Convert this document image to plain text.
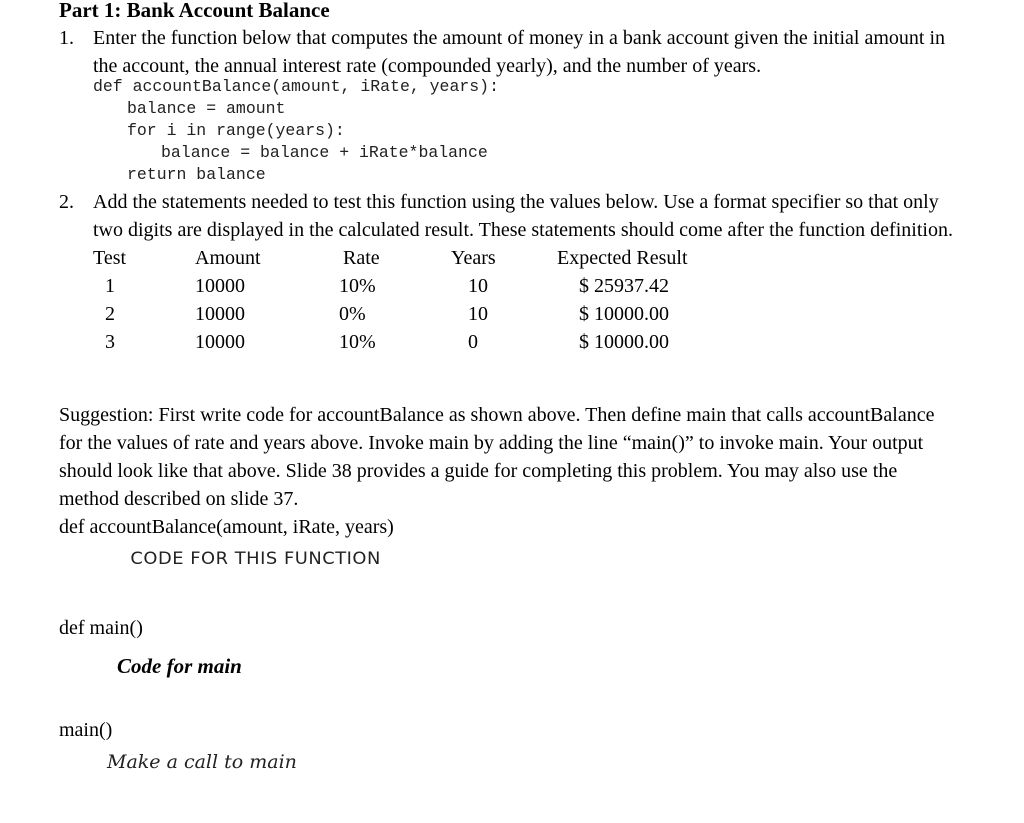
Part 1: Bank Account Balance
1. Enter the function below that computes the amount of money in a bank account given the initial amount in the account, the annual interest rate (compounded yearly), and the number of years.
def accountBalance(amount, iRate, years):
balance = amount
for i in range(years):
balance = balance + iRate*balance
return balance
2. Add the statements needed to test this function using the values below. Use a format specifier so that only two digits are displayed in the calculated result. These statements should come after the function definition.
Test	Amount	Rate	Years	Expected Result
1	10000	10%	10	$ 25937.42
2	10000	0%	10	$ 10000.00
3	10000	10%	0	$ 10000.00
Suggestion: First write code for accountBalance as shown above. Then define main that calls accountBalance for the values of rate and years above. Invoke main by adding the line “main()” to invoke main. Your output should look like that above. Slide 38 provides a guide for completing this problem. You may also use the method described on slide 37.

def accountBalance(amount, iRate, years)

CODE FOR THIS FUNCTION

def main()

Code for main

main()

Make a call to main
